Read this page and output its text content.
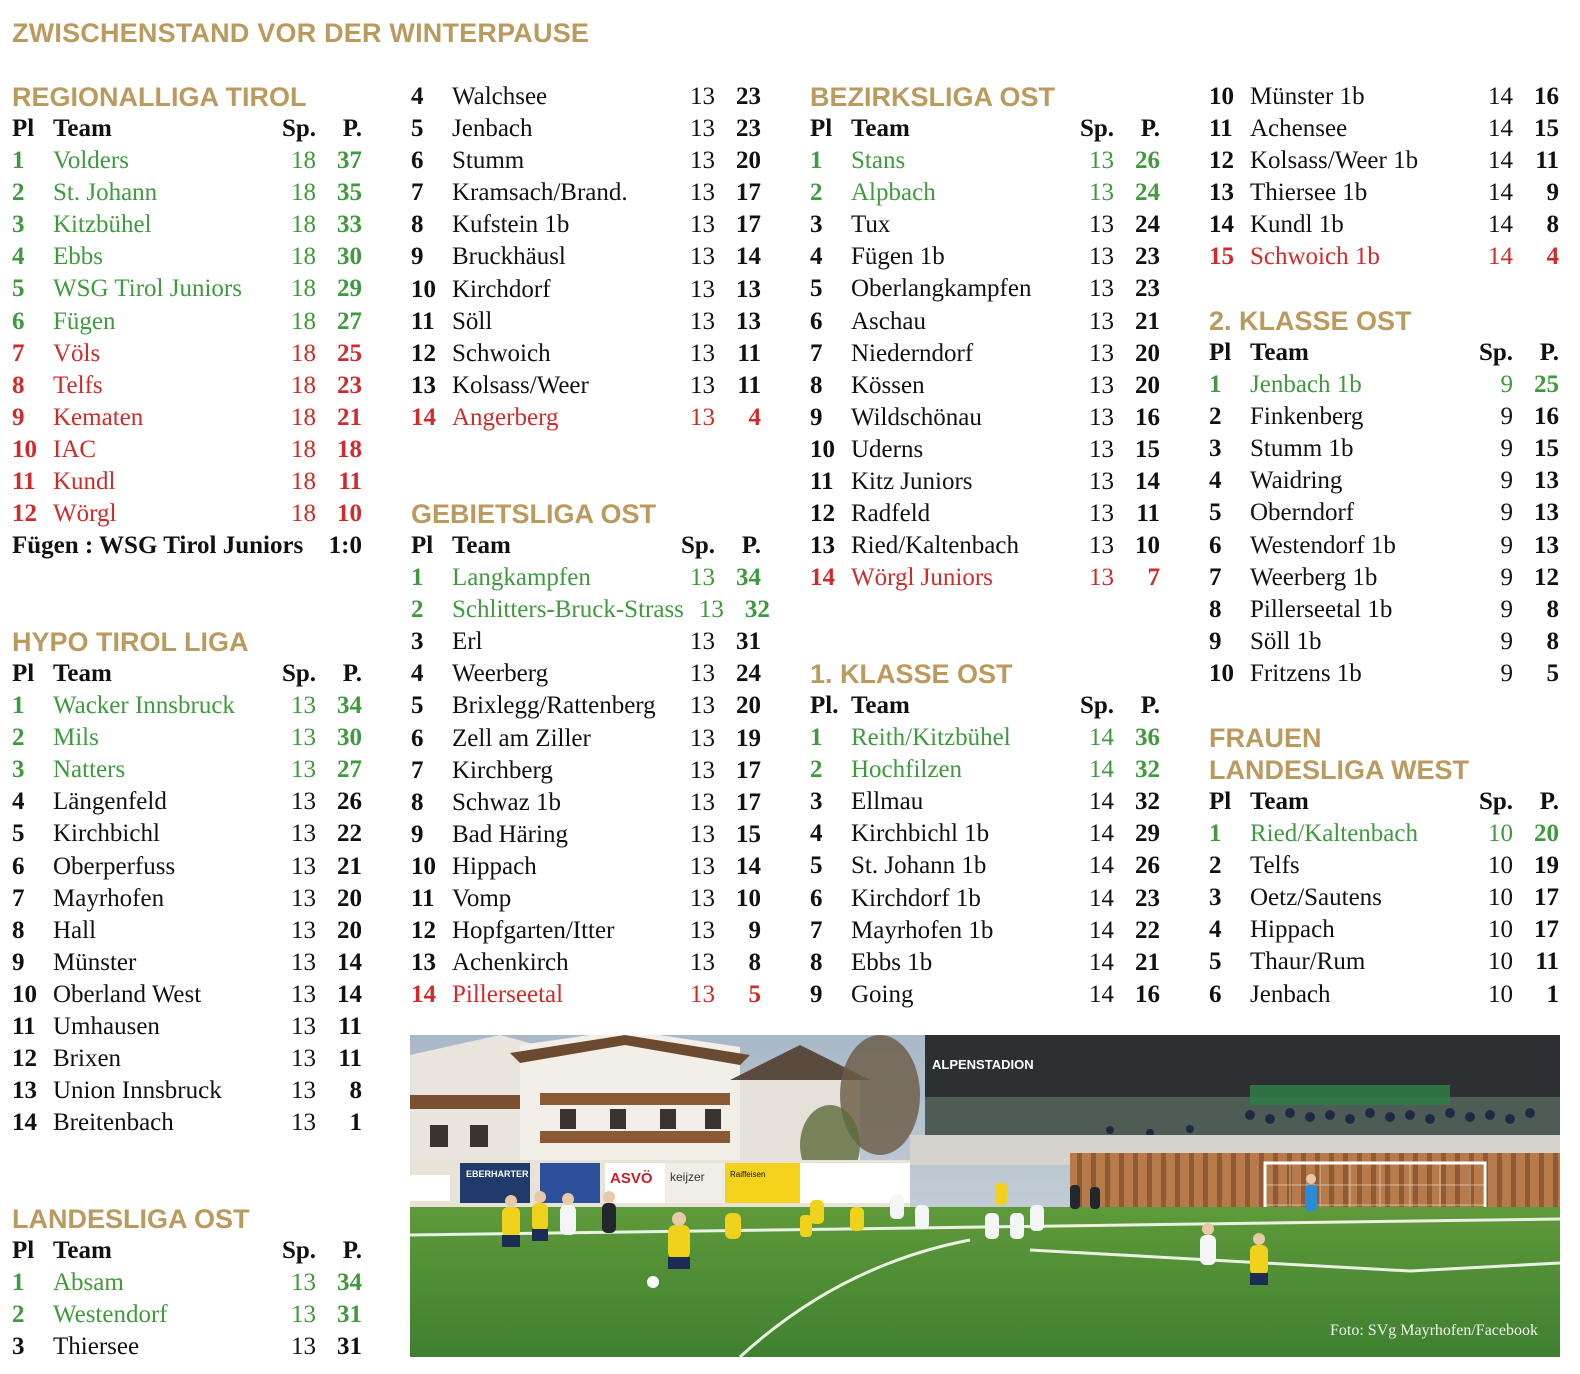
ZWISCHENSTAND VOR DER WINTERPAUSE
REGIONALLIGA TIROL
Pl Team	Sp.	P.
1	Volders	18 37
2	St. Johann	18 35
3	Kitzbühel	18 33
4	Ebbs	18 30
5	WSG Tirol Juniors	18 29
6	Fügen	18 27
7	Völs	18 25
8	Telfs	18 23
9	Kematen	18 21
10 IAC	18 18
11 Kundl	18 11
12 Wörgl	18 10
Fügen : WSG Tirol Juniors	1:0
HYPO TIROL LIGA
Pl Team	Sp.	P.
1	Wacker Innsbruck	13 34
2	Mils	13 30
3	Natters	13 27
4	Längenfeld	13 26
5	Kirchbichl	13 22
6	Oberperfuss	13 21
7	Mayrhofen	13 20
8	Hall	13 20
9	Münster	13 14
10 Oberland West	13 14
11 Umhausen	13 11
12 Brixen	13 11
13 Union Innsbruck	13	8
14 Breitenbach	13	1
LANDESLIGA OST
Pl Team	Sp.	P.
1	Absam	13 34
2	Westendorf	13 31
3	Thiersee	13 31
4	Walchsee	13 23
5	Jenbach	13 23
6	Stumm	13 20
7	Kramsach/Brand.	13 17
8	Kufstein 1b	13 17
9	Bruckhäusl	13 14
10 Kirchdorf	13 13
11 Söll	13 13
12 Schwoich	13 11
13 Kolsass/Weer	13 11
14 Angerberg	13	4
GEBIETSLIGA OST
Pl Team	Sp.	P.
1	Langkampfen	13 34
2	Schlitters-Bruck-Strass 13 32
3	Erl	13 31
4	Weerberg	13 24
5	Brixlegg/Rattenberg	13 20
6	Zell am Ziller	13 19
7	Kirchberg	13 17
8	Schwaz 1b	13 17
9	Bad Häring	13 15
10 Hippach	13 14
11 Vomp	13 10
12 Hopfgarten/Itter	13	9
13 Achenkirch	13	8
14 Pillerseetal	13	5
BEZIRKSLIGA OST
Pl Team	Sp.	P.
1	Stans	13 26
2	Alpbach	13 24
3	Tux	13 24
4	Fügen 1b	13 23
5	Oberlangkampfen	13 23
6	Aschau	13 21
7	Niederndorf	13 20
8	Kössen	13 20
9	Wildschönau	13 16
10 Uderns	13 15
11 Kitz Juniors	13 14
12 Radfeld	13 11
13 Ried/Kaltenbach	13 10
14 Wörgl Juniors	13	7
1. KLASSE OST
Pl. Team	Sp.	P.
1	Reith/Kitzbühel	14 36
2	Hochfilzen	14 32
3	Ellmau	14 32
4	Kirchbichl 1b	14 29
5	St. Johann 1b	14 26
6	Kirchdorf 1b	14 23
7	Mayrhofen 1b	14 22
8	Ebbs 1b	14 21
9	Going	14 16
10 Münster 1b	14 16
11 Achensee	14 15
12 Kolsass/Weer 1b	14 11
13 Thiersee 1b	14	9
14 Kundl 1b	14	8
15 Schwoich 1b	14	4
2. KLASSE OST
Pl Team	Sp.	P.
1	Jenbach 1b	9 25
2	Finkenberg	9 16
3	Stumm 1b	9 15
4	Waidring	9 13
5	Oberndorf	9 13
6	Westendorf 1b	9 13
7	Weerberg 1b	9 12
8	Pillerseetal 1b	9	8
9	Söll 1b	9	8
10 Fritzens 1b	9	5
FRAUEN
LANDESLIGA WEST
Pl Team	Sp.	P.
1	Ried/Kaltenbach	10 20
2	Telfs	10 19
3	Oetz/Sautens	10 17
4	Hippach	10 17
5	Thaur/Rum	10 11
6	Jenbach	10	1
ALPENSTADION
EBERHARTER	ASVÖ keijzer	Raiffeisen
Foto: SVg Mayrhofen/Facebook
